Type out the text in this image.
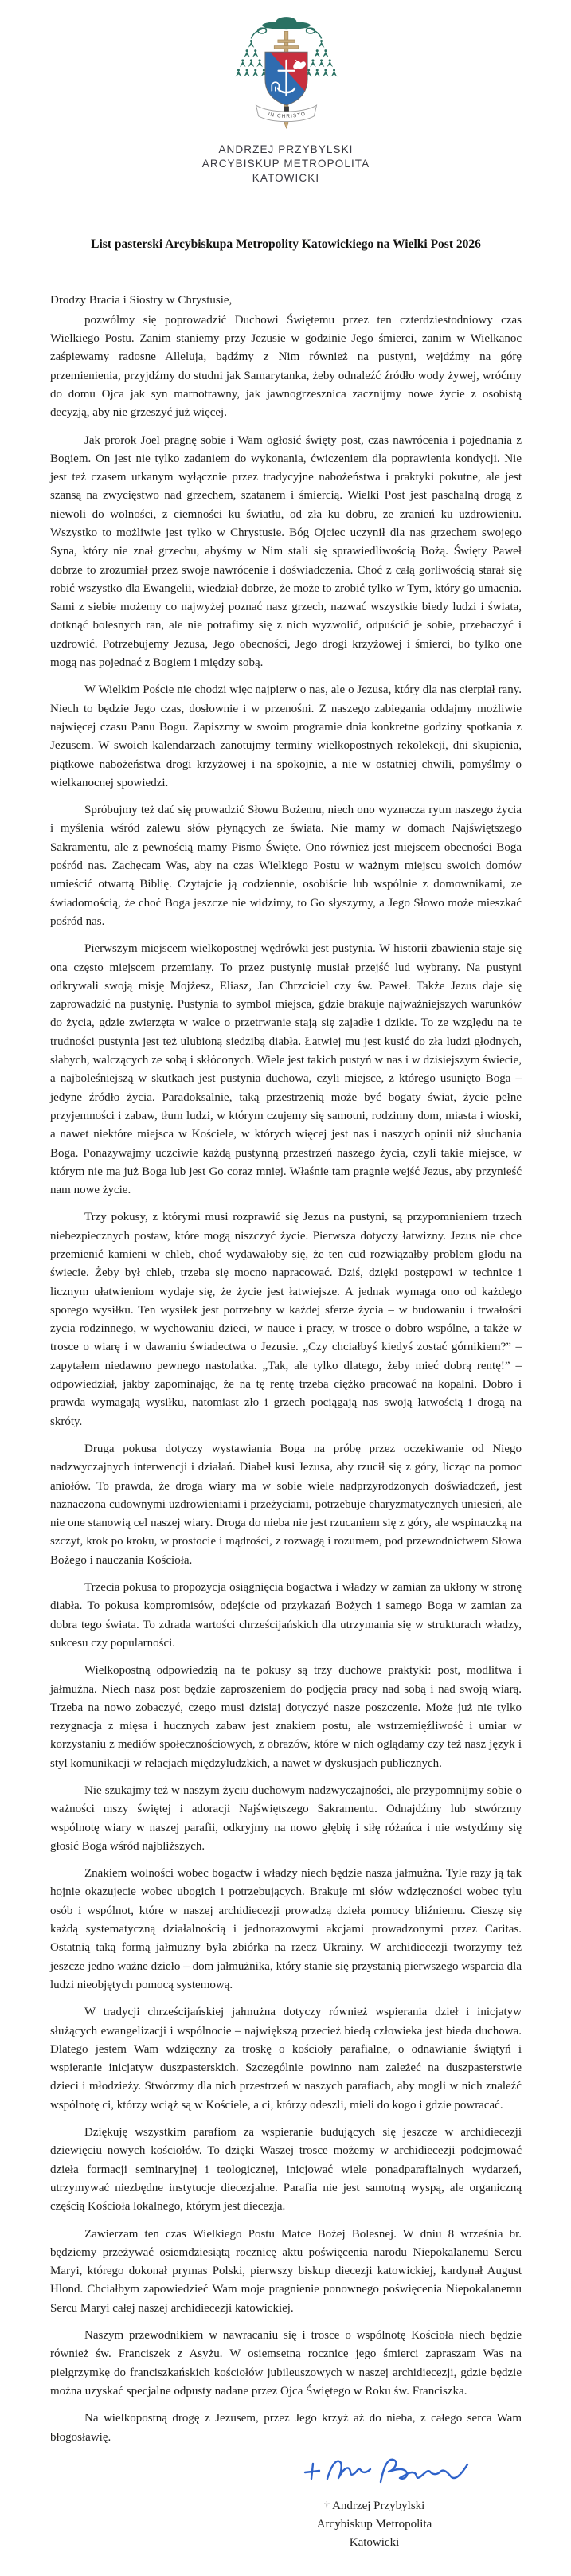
IN CHRISTO
ANDRZEJ PRZYBYLSKI
ARCYBISKUP METROPOLITA
KATOWICKI
List pasterski Arcybiskupa Metropolity Katowickiego na Wielki Post 2026

Drodzy Bracia i Siostry w Chrystusie,

pozwólmy się poprowadzić Duchowi Świętemu przez ten czterdziestodniowy czas Wielkiego Postu. Zanim staniemy przy Jezusie w godzinie Jego śmierci, zanim w Wielkanoc zaśpiewamy radosne Alleluja, bądźmy z Nim również na pustyni, wejdźmy na górę przemienienia, przyjdźmy do studni jak Samarytanka, żeby odnaleźć źródło wody żywej, wróćmy do domu Ojca jak syn marnotrawny, jak jawnogrzesznica zacznijmy nowe życie z osobistą decyzją, aby nie grzeszyć już więcej.

Jak prorok Joel pragnę sobie i Wam ogłosić święty post, czas nawrócenia i pojednania z Bogiem. On jest nie tylko zadaniem do wykonania, ćwiczeniem dla poprawienia kondycji. Nie jest też czasem utkanym wyłącznie przez tradycyjne nabożeństwa i praktyki pokutne, ale jest szansą na zwycięstwo nad grzechem, szatanem i śmiercią. Wielki Post jest paschalną drogą z niewoli do wolności, z ciemności ku światłu, od zła ku dobru, ze zranień ku uzdrowieniu. Wszystko to możliwie jest tylko w Chrystusie. Bóg Ojciec uczynił dla nas grzechem swojego Syna, który nie znał grzechu, abyśmy w Nim stali się sprawiedliwością Bożą. Święty Paweł dobrze to zrozumiał przez swoje nawrócenie i doświadczenia. Choć z całą gorliwością starał się robić wszystko dla Ewangelii, wiedział dobrze, że może to zrobić tylko w Tym, który go umacnia. Sami z siebie możemy co najwyżej poznać nasz grzech, nazwać wszystkie biedy ludzi i świata, dotknąć bolesnych ran, ale nie potrafimy się z nich wyzwolić, odpuścić je sobie, przebaczyć i uzdrowić. Potrzebujemy Jezusa, Jego obecności, Jego drogi krzyżowej i śmierci, bo tylko one mogą nas pojednać z Bogiem i między sobą.

W Wielkim Poście nie chodzi więc najpierw o nas, ale o Jezusa, który dla nas cierpiał rany. Niech to będzie Jego czas, dosłownie i w przenośni. Z naszego zabiegania oddajmy możliwie najwięcej czasu Panu Bogu. Zapiszmy w swoim programie dnia konkretne godziny spotkania z Jezusem. W swoich kalendarzach zanotujmy terminy wielkopostnych rekolekcji, dni skupienia, piątkowe nabożeństwa drogi krzyżowej i na spokojnie, a nie w ostatniej chwili, pomyślmy o wielkanocnej spowiedzi.

Spróbujmy też dać się prowadzić Słowu Bożemu, niech ono wyznacza rytm naszego życia i myślenia wśród zalewu słów płynących ze świata. Nie mamy w domach Najświętszego Sakramentu, ale z pewnością mamy Pismo Święte. Ono również jest miejscem obecności Boga pośród nas. Zachęcam Was, aby na czas Wielkiego Postu w ważnym miejscu swoich domów umieścić otwartą Biblię. Czytajcie ją codziennie, osobiście lub wspólnie z domownikami, ze świadomością, że choć Boga jeszcze nie widzimy, to Go słyszymy, a Jego Słowo może mieszkać pośród nas.

Pierwszym miejscem wielkopostnej wędrówki jest pustynia. W historii zbawienia staje się ona często miejscem przemiany. To przez pustynię musiał przejść lud wybrany. Na pustyni odkrywali swoją misję Mojżesz, Eliasz, Jan Chrzciciel czy św. Paweł. Także Jezus daje się zaprowadzić na pustynię. Pustynia to symbol miejsca, gdzie brakuje najważniejszych warunków do życia, gdzie zwierzęta w walce o przetrwanie stają się zajadłe i dzikie. To ze względu na te trudności pustynia jest też ulubioną siedzibą diabła. Łatwiej mu jest kusić do zła ludzi głodnych, słabych, walczących ze sobą i skłóconych. Wiele jest takich pustyń w nas i w dzisiejszym świecie, a najboleśniejszą w skutkach jest pustynia duchowa, czyli miejsce, z którego usunięto Boga – jedyne źródło życia. Paradoksalnie, taką przestrzenią może być bogaty świat, życie pełne przyjemności i zabaw, tłum ludzi, w którym czujemy się samotni, rodzinny dom, miasta i wioski, a nawet niektóre miejsca w Kościele, w których więcej jest nas i naszych opinii niż słuchania Boga. Ponazywajmy uczciwie każdą pustynną przestrzeń naszego życia, czyli takie miejsce, w którym nie ma już Boga lub jest Go coraz mniej. Właśnie tam pragnie wejść Jezus, aby przynieść nam nowe życie.

Trzy pokusy, z którymi musi rozprawić się Jezus na pustyni, są przypomnieniem trzech niebezpiecznych postaw, które mogą niszczyć życie. Pierwsza dotyczy łatwizny. Jezus nie chce przemienić kamieni w chleb, choć wydawałoby się, że ten cud rozwiązałby problem głodu na świecie. Żeby był chleb, trzeba się mocno napracować. Dziś, dzięki postępowi w technice i licznym ułatwieniom wydaje się, że życie jest łatwiejsze. A jednak wymaga ono od każdego sporego wysiłku. Ten wysiłek jest potrzebny w każdej sferze życia – w budowaniu i trwałości życia rodzinnego, w wychowaniu dzieci, w nauce i pracy, w trosce o dobro wspólne, a także w trosce o wiarę i w dawaniu świadectwa o Jezusie. „Czy chciałbyś kiedyś zostać górnikiem?” – zapytałem niedawno pewnego nastolatka. „Tak, ale tylko dlatego, żeby mieć dobrą rentę!” – odpowiedział, jakby zapominając, że na tę rentę trzeba ciężko pracować na kopalni. Dobro i prawda wymagają wysiłku, natomiast zło i grzech pociągają nas swoją łatwością i drogą na skróty.

Druga pokusa dotyczy wystawiania Boga na próbę przez oczekiwanie od Niego nadzwyczajnych interwencji i działań. Diabeł kusi Jezusa, aby rzucił się z góry, licząc na pomoc aniołów. To prawda, że droga wiary ma w sobie wiele nadprzyrodzonych doświadczeń, jest naznaczona cudownymi uzdrowieniami i przeżyciami, potrzebuje charyzmatycznych uniesień, ale nie one stanowią cel naszej wiary. Droga do nieba nie jest rzucaniem się z góry, ale wspinaczką na szczyt, krok po kroku, w prostocie i mądrości, z rozwagą i rozumem, pod przewodnictwem Słowa Bożego i nauczania Kościoła.

Trzecia pokusa to propozycja osiągnięcia bogactwa i władzy w zamian za ukłony w stronę diabła. To pokusa kompromisów, odejście od przykazań Bożych i samego Boga w zamian za dobra tego świata. To zdrada wartości chrześcijańskich dla utrzymania się w strukturach władzy, sukcesu czy popularności.

Wielkopostną odpowiedzią na te pokusy są trzy duchowe praktyki: post, modlitwa i jałmużna. Niech nasz post będzie zaproszeniem do podjęcia pracy nad sobą i nad swoją wiarą. Trzeba na nowo zobaczyć, czego musi dzisiaj dotyczyć nasze poszczenie. Może już nie tylko rezygnacja z mięsa i hucznych zabaw jest znakiem postu, ale wstrzemięźliwość i umiar w korzystaniu z mediów społecznościowych, z obrazów, które w nich oglądamy czy też nasz język i styl komunikacji w relacjach międzyludzkich, a nawet w dyskusjach publicznych.

Nie szukajmy też w naszym życiu duchowym nadzwyczajności, ale przypomnijmy sobie o ważności mszy świętej i adoracji Najświętszego Sakramentu. Odnajdźmy lub stwórzmy wspólnotę wiary w naszej parafii, odkryjmy na nowo głębię i siłę różańca i nie wstydźmy się głosić Boga wśród najbliższych.

Znakiem wolności wobec bogactw i władzy niech będzie nasza jałmużna. Tyle razy ją tak hojnie okazujecie wobec ubogich i potrzebujących. Brakuje mi słów wdzięczności wobec tylu osób i wspólnot, które w naszej archidiecezji prowadzą dzieła pomocy bliźniemu. Cieszę się każdą systematyczną działalnością i jednorazowymi akcjami prowadzonymi przez Caritas. Ostatnią taką formą jałmużny była zbiórka na rzecz Ukrainy. W archidiecezji tworzymy też jeszcze jedno ważne dzieło – dom jałmużnika, który stanie się przystanią pierwszego wsparcia dla ludzi nieobjętych pomocą systemową.

W tradycji chrześcijańskiej jałmużna dotyczy również wspierania dzieł i inicjatyw służących ewangelizacji i wspólnocie – największą przecież biedą człowieka jest bieda duchowa. Dlatego jestem Wam wdzięczny za troskę o kościoły parafialne, o odnawianie świątyń i wspieranie inicjatyw duszpasterskich. Szczególnie powinno nam zależeć na duszpasterstwie dzieci i młodzieży. Stwórzmy dla nich przestrzeń w naszych parafiach, aby mogli w nich znaleźć wspólnotę ci, którzy wciąż są w Kościele, a ci, którzy odeszli, mieli do kogo i gdzie powracać.

Dziękuję wszystkim parafiom za wspieranie budujących się jeszcze w archidiecezji dziewięciu nowych kościołów. To dzięki Waszej trosce możemy w archidiecezji podejmować dzieła formacji seminaryjnej i teologicznej, inicjować wiele ponadparafialnych wydarzeń, utrzymywać niezbędne instytucje diecezjalne. Parafia nie jest samotną wyspą, ale organiczną częścią Kościoła lokalnego, którym jest diecezja.

Zawierzam ten czas Wielkiego Postu Matce Bożej Bolesnej. W dniu 8 września br. będziemy przeżywać osiemdziesiątą rocznicę aktu poświęcenia narodu Niepokalanemu Sercu Maryi, którego dokonał prymas Polski, pierwszy biskup diecezji katowickiej, kardynał August Hlond. Chciałbym zapowiedzieć Wam moje pragnienie ponownego poświęcenia Niepokalanemu Sercu Maryi całej naszej archidiecezji katowickiej.

Naszym przewodnikiem w nawracaniu się i trosce o wspólnotę Kościoła niech będzie również św. Franciszek z Asyżu. W osiemsetną rocznicę jego śmierci zapraszam Was na pielgrzymkę do franciszkańskich kościołów jubileuszowych w naszej archidiecezji, gdzie będzie można uzyskać specjalne odpusty nadane przez Ojca Świętego w Roku św. Franciszka.

Na wielkopostną drogę z Jezusem, przez Jego krzyż aż do nieba, z całego serca Wam błogosławię.

† Andrzej Przybylski
Arcybiskup Metropolita
Katowicki
